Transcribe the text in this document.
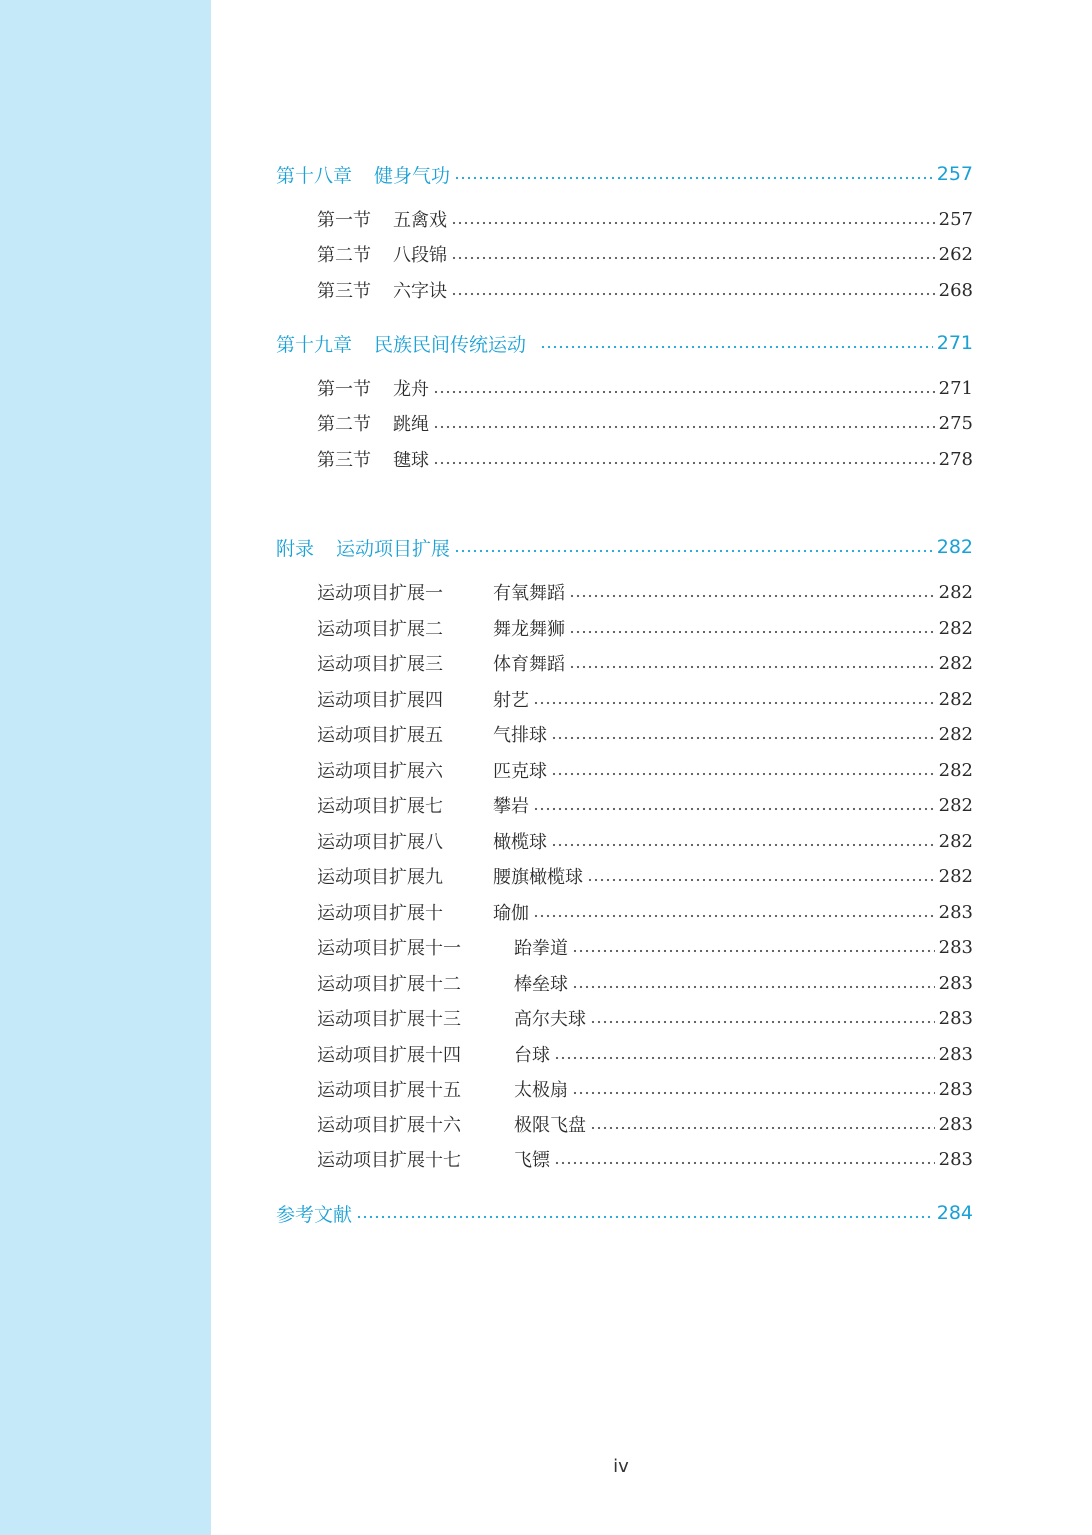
第十八章 健身气功	257
第一节 五禽戏	257
第二节 八段锦	262
第三节 六字诀	268
第十九章 民族民间传统运动	271
第一节 龙舟	271
第二节 跳绳	275
第三节 毽球	278
附录 运动项目扩展	282
运动项目扩展一	有氧舞蹈	282
运动项目扩展二	舞龙舞狮	282
运动项目扩展三	体育舞蹈	282
运动项目扩展四	射艺	282
运动项目扩展五	气排球	282
运动项目扩展六	匹克球	282
运动项目扩展七	攀岩	282
运动项目扩展八	橄榄球	282
运动项目扩展九	腰旗橄榄球	282
运动项目扩展十	瑜伽	283
运动项目扩展十一	跆拳道	283
运动项目扩展十二	棒垒球	283
运动项目扩展十三	高尔夫球	283
运动项目扩展十四	台球	283
运动项目扩展十五	太极扇	283
运动项目扩展十六	极限飞盘	283
运动项目扩展十七	飞镖	283
参考文献	284
iv
